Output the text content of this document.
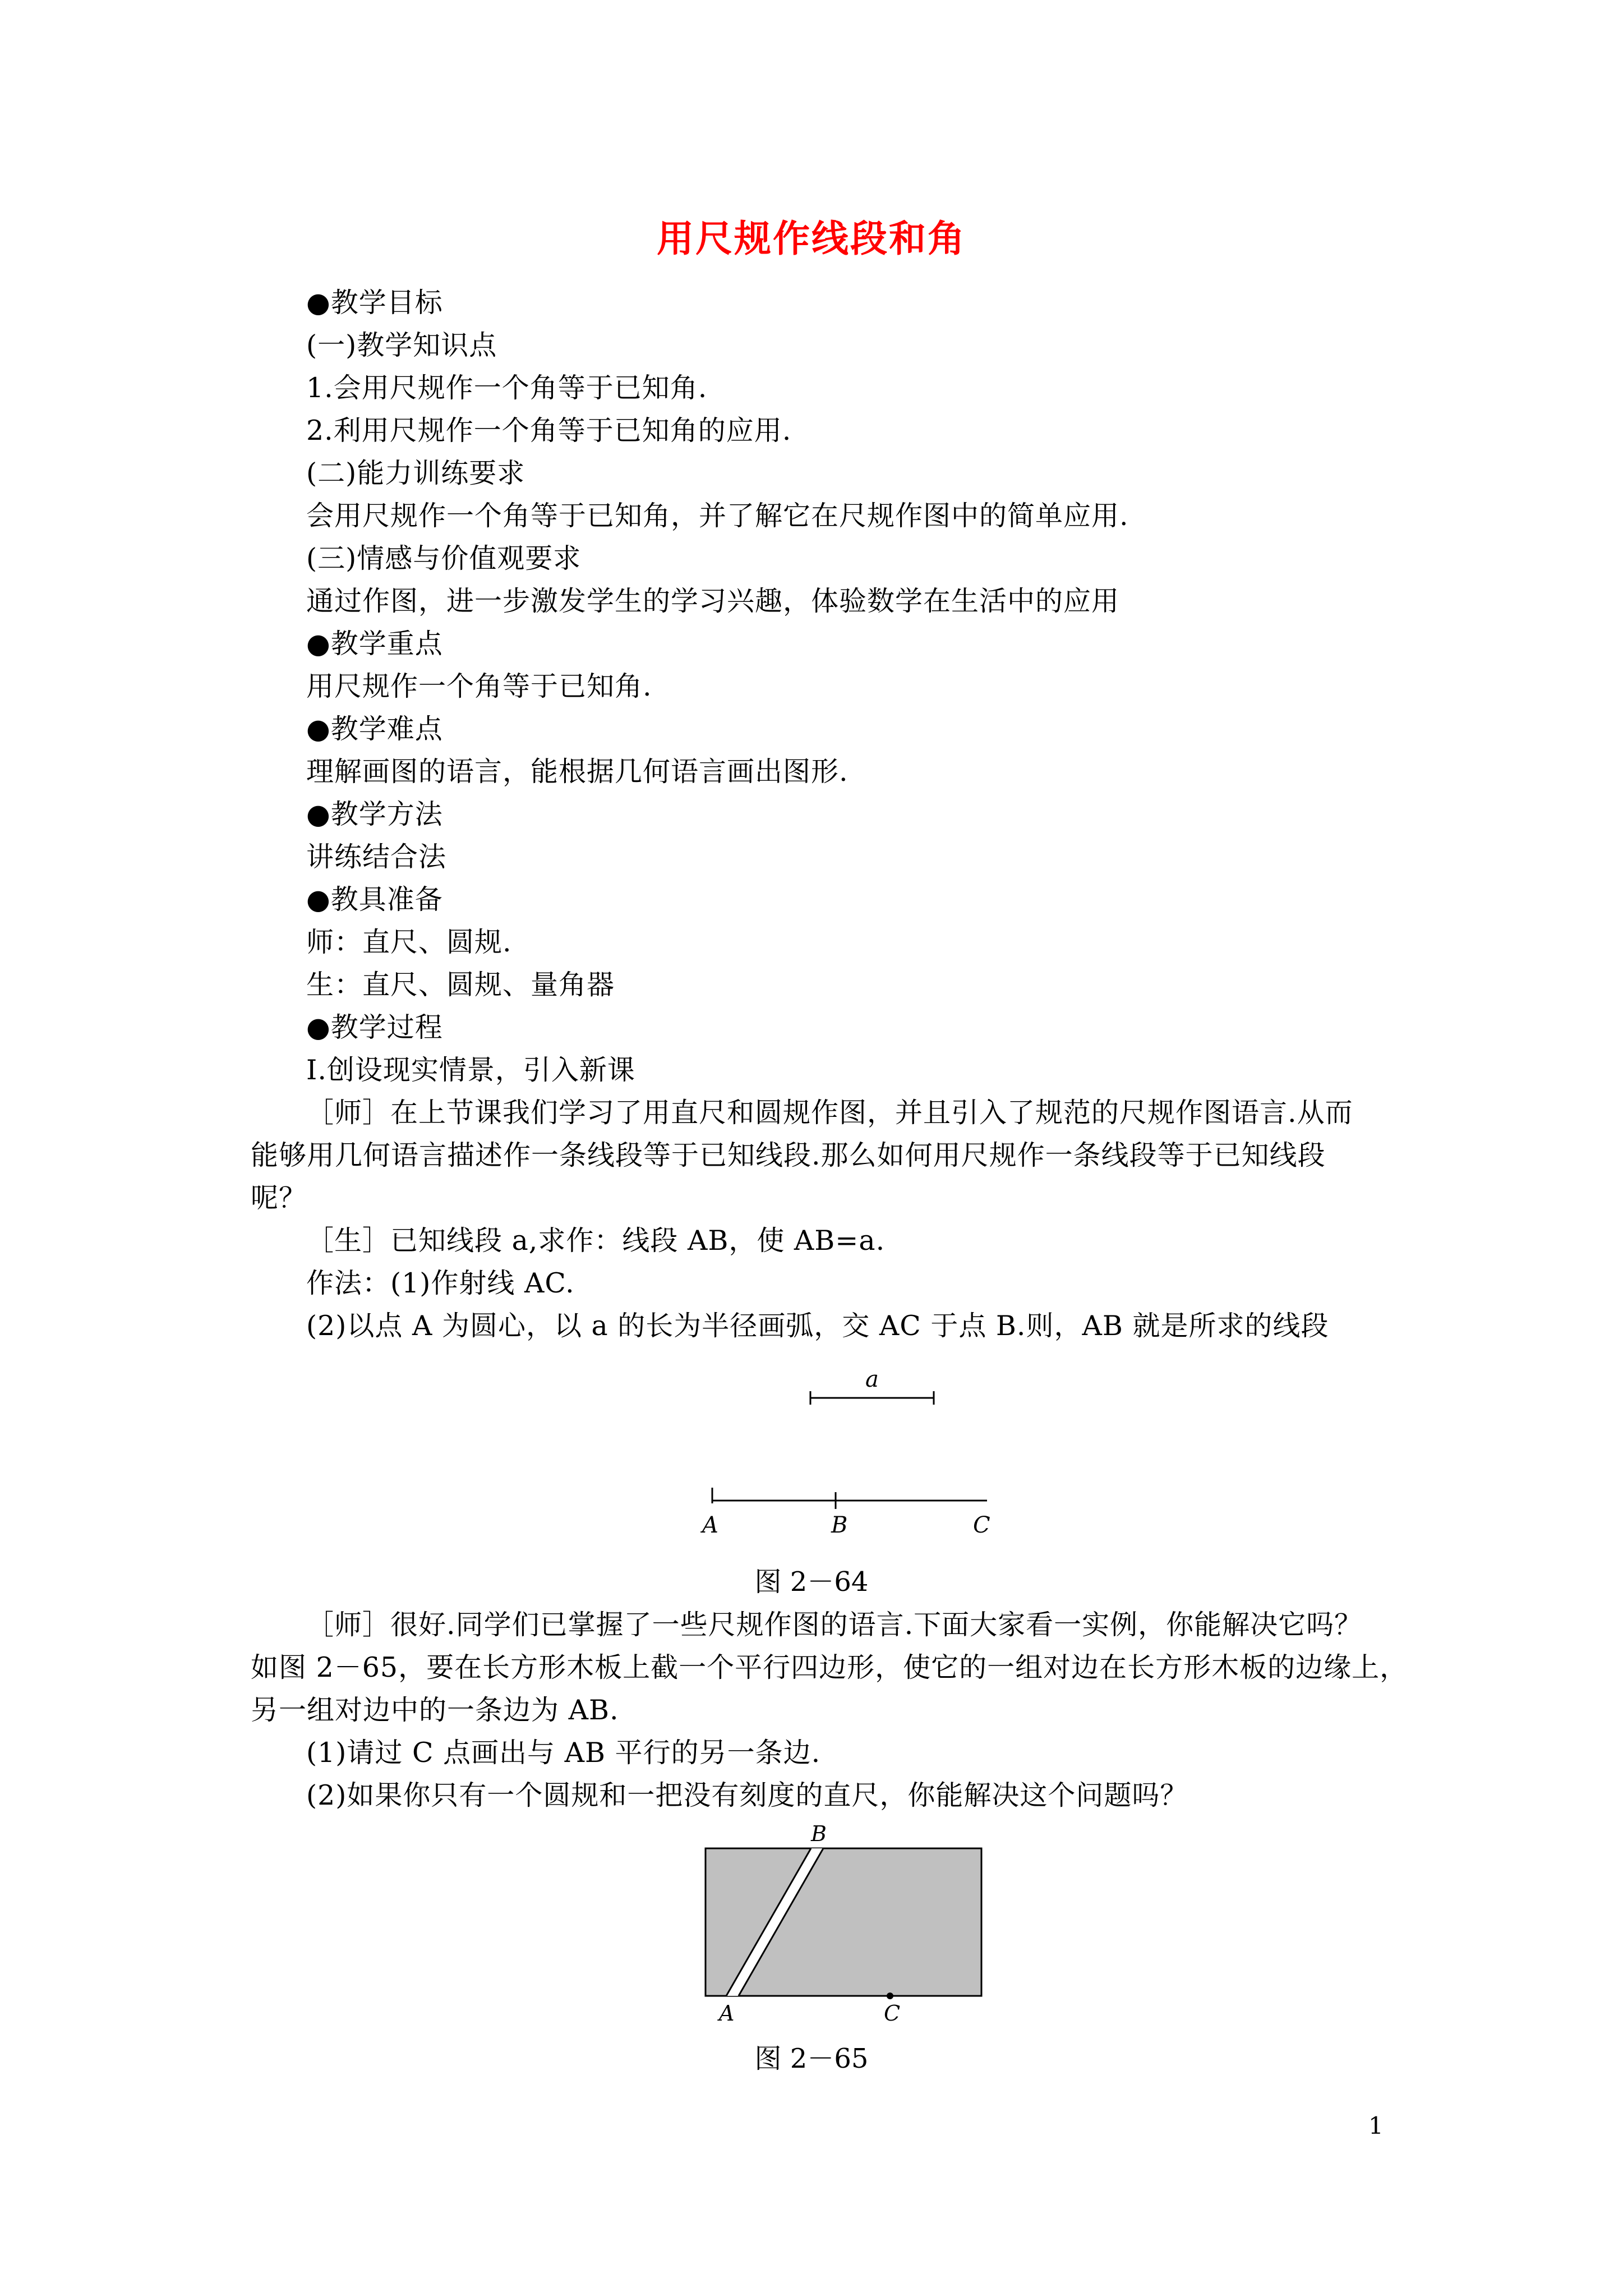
用尺规作线段和角
●教学目标
(一)教学知识点
1.会用尺规作一个角等于已知角.
2.利用尺规作一个角等于已知角的应用.
(二)能力训练要求
会用尺规作一个角等于已知角，并了解它在尺规作图中的简单应用.
(三)情感与价值观要求
通过作图，进一步激发学生的学习兴趣，体验数学在生活中的应用
●教学重点
用尺规作一个角等于已知角.
●教学难点
理解画图的语言，能根据几何语言画出图形.
●教学方法
讲练结合法
●教具准备
师：直尺、圆规.
生：直尺、圆规、量角器
●教学过程
Ⅰ.创设现实情景，引入新课
［师］在上节课我们学习了用直尺和圆规作图，并且引入了规范的尺规作图语言.从而
能够用几何语言描述作一条线段等于已知线段.那么如何用尺规作一条线段等于已知线段
呢？
［生］已知线段 a,求作：线段 AB，使 AB=a.
作法：(1)作射线 AC.
(2)以点 A 为圆心，以 a 的长为半径画弧，交 AC 于点 B.则，AB 就是所求的线段
a
A	B	C
图 2－64
［师］很好.同学们已掌握了一些尺规作图的语言.下面大家看一实例，你能解决它吗？
如图 2－65，要在长方形木板上截一个平行四边形，使它的一组对边在长方形木板的边缘上，
另一组对边中的一条边为 AB.
(1)请过 C 点画出与 AB 平行的另一条边.
(2)如果你只有一个圆规和一把没有刻度的直尺，你能解决这个问题吗？
B
A	C
图 2－65
1
